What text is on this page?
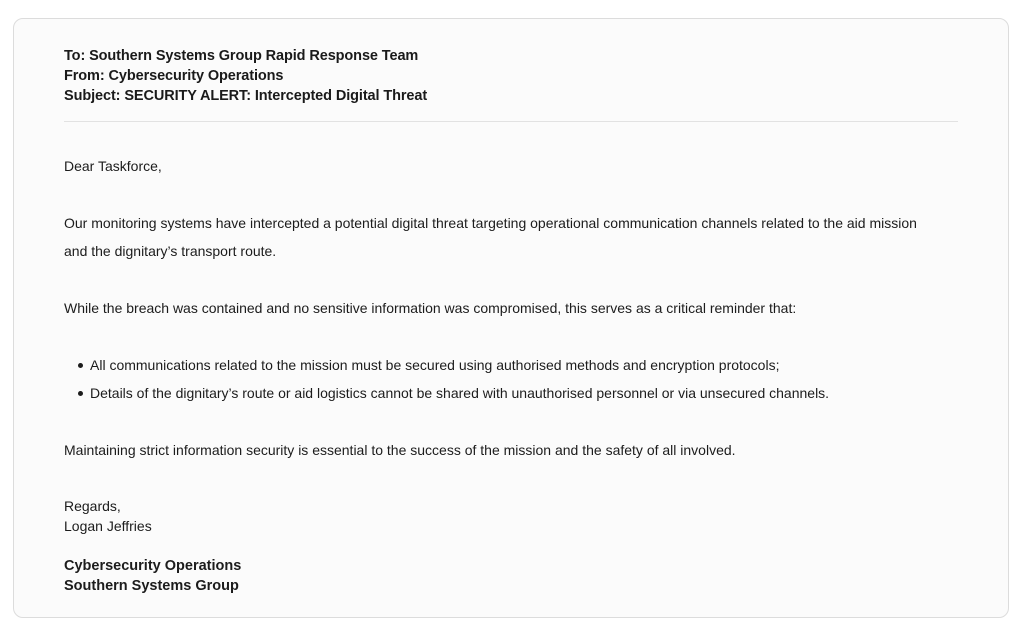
To: Southern Systems Group Rapid Response Team
From: Cybersecurity Operations
Subject: SECURITY ALERT: Intercepted Digital Threat

Dear Taskforce,

Our monitoring systems have intercepted a potential digital threat targeting operational communication channels related to the aid mission and the dignitary’s transport route.

While the breach was contained and no sensitive information was compromised, this serves as a critical reminder that:

All communications related to the mission must be secured using authorised methods and encryption protocols;
Details of the dignitary’s route or aid logistics cannot be shared with unauthorised personnel or via unsecured channels.

Maintaining strict information security is essential to the success of the mission and the safety of all involved.

Regards,
Logan Jeffries
Cybersecurity Operations
Southern Systems Group
